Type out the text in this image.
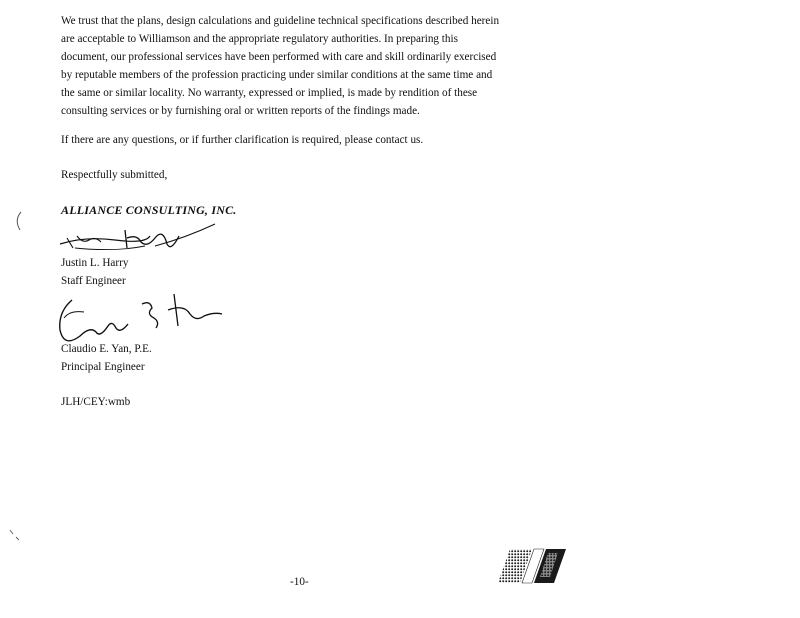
We trust that the plans, design calculations and guideline technical specifications described herein
are acceptable to Williamson and the appropriate regulatory authorities. In preparing this
document, our professional services have been performed with care and skill ordinarily exercised
by reputable members of the profession practicing under similar conditions at the same time and
the same or similar locality. No warranty, expressed or implied, is made by rendition of these
consulting services or by furnishing oral or written reports of the findings made.
If there are any questions, or if further clarification is required, please contact us.
Respectfully submitted,
ALLIANCE CONSULTING, INC.
Justin L. Harry
Staff Engineer
Claudio E. Yan, P.E.
Principal Engineer
JLH/CEY:wmb
-10-
